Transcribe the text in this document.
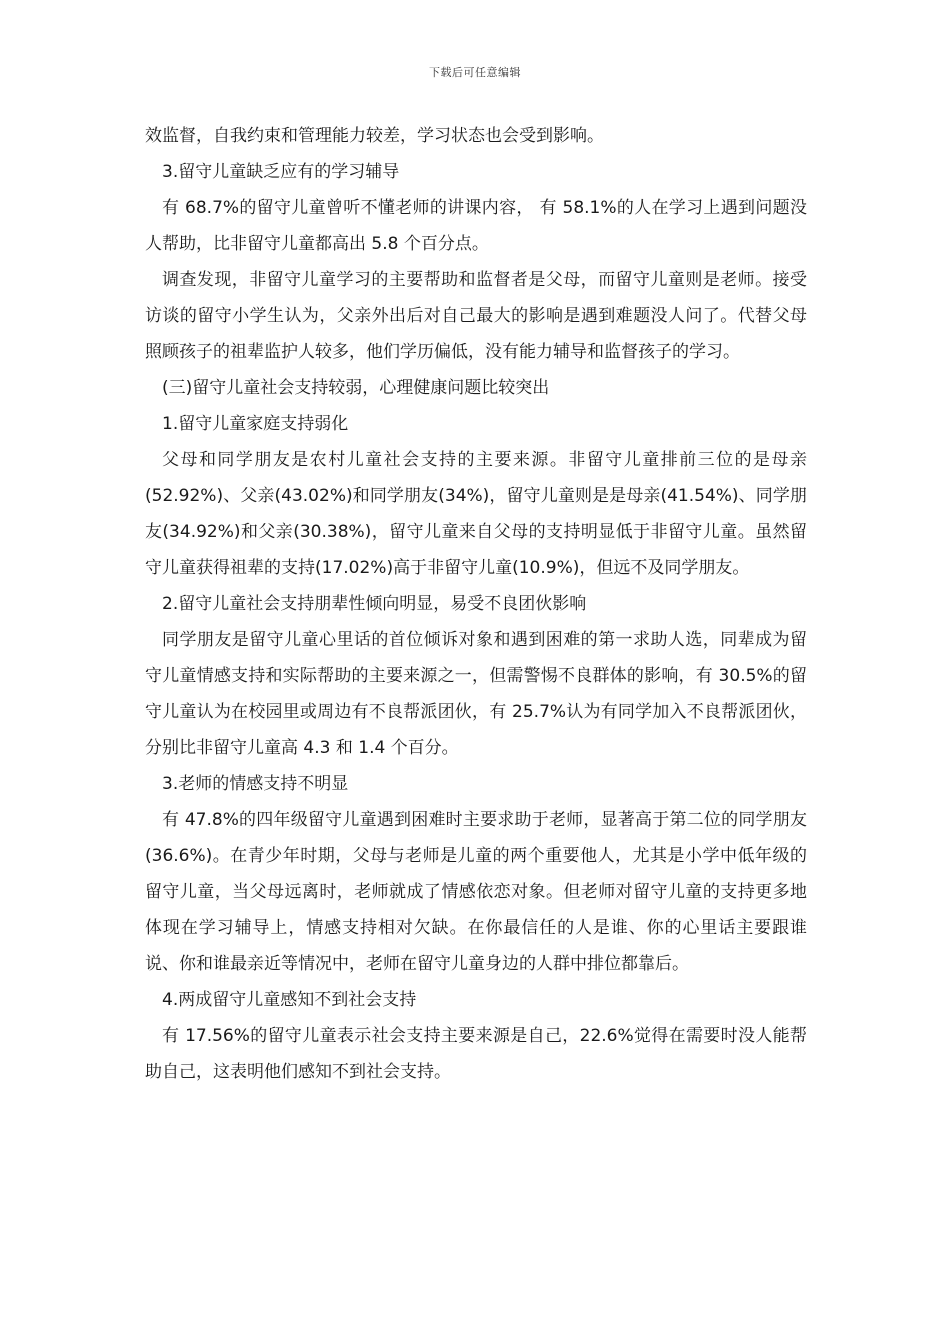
下载后可任意编辑

效监督，自我约束和管理能力较差，学习状态也会受到影响。

3.留守儿童缺乏应有的学习辅导

有 68.7%的留守儿童曾听不懂老师的讲课内容， 有 58.1%的人在学习上遇到问题没人帮助，比非留守儿童都高出 5.8 个百分点。

调查发现，非留守儿童学习的主要帮助和监督者是父母，而留守儿童则是老师。接受访谈的留守小学生认为，父亲外出后对自己最大的影响是遇到难题没人问了。代替父母照顾孩子的祖辈监护人较多，他们学历偏低，没有能力辅导和监督孩子的学习。

(三)留守儿童社会支持较弱，心理健康问题比较突出

1.留守儿童家庭支持弱化

父母和同学朋友是农村儿童社会支持的主要来源。非留守儿童排前三位的是母亲(52.92%)、父亲(43.02%)和同学朋友(34%)，留守儿童则是是母亲(41.54%)、同学朋友(34.92%)和父亲(30.38%)，留守儿童来自父母的支持明显低于非留守儿童。虽然留守儿童获得祖辈的支持(17.02%)高于非留守儿童(10.9%)，但远不及同学朋友。

2.留守儿童社会支持朋辈性倾向明显，易受不良团伙影响

同学朋友是留守儿童心里话的首位倾诉对象和遇到困难的第一求助人选，同辈成为留守儿童情感支持和实际帮助的主要来源之一，但需警惕不良群体的影响，有 30.5%的留守儿童认为在校园里或周边有不良帮派团伙，有 25.7%认为有同学加入不良帮派团伙，分别比非留守儿童高 4.3 和 1.4 个百分。

3.老师的情感支持不明显

有 47.8%的四年级留守儿童遇到困难时主要求助于老师，显著高于第二位的同学朋友(36.6%)。在青少年时期，父母与老师是儿童的两个重要他人，尤其是小学中低年级的留守儿童，当父母远离时，老师就成了情感依恋对象。但老师对留守儿童的支持更多地体现在学习辅导上，情感支持相对欠缺。在你最信任的人是谁、你的心里话主要跟谁说、你和谁最亲近等情况中，老师在留守儿童身边的人群中排位都靠后。

4.两成留守儿童感知不到社会支持

有 17.56%的留守儿童表示社会支持主要来源是自己，22.6%觉得在需要时没人能帮助自己，这表明他们感知不到社会支持。
